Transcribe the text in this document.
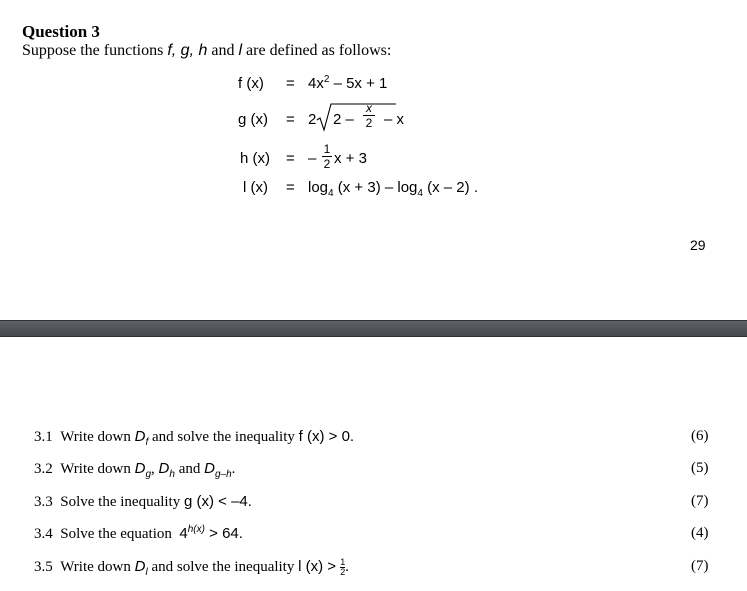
Question 3
Suppose the functions f, g, h and l are defined as follows:
f $(x) = 4x^2 - 5x + 1$
g (x) = 2 $2 - \frac{x}{2}$ – x
h (x) = – $\frac{1}{2}$ x + 3
l $(x) = \log_4 (x + 3) - \log_4 (x - 2)$ .
29
3.1 Write down $D_f$ and solve the inequality f (x) > 0.	(6)
3.2 Write down $D_g$, $D_h$ and $D_{g-h}$.	(5)
3.3 Solve the inequality g (x) < –4.	(7)
3.4 Solve the equation  $4^{h(x)} > 64$.	(4)
3.5 Write down $D_l$ and solve the inequality l $(x) > \frac{1}{2}$ .	(7)
